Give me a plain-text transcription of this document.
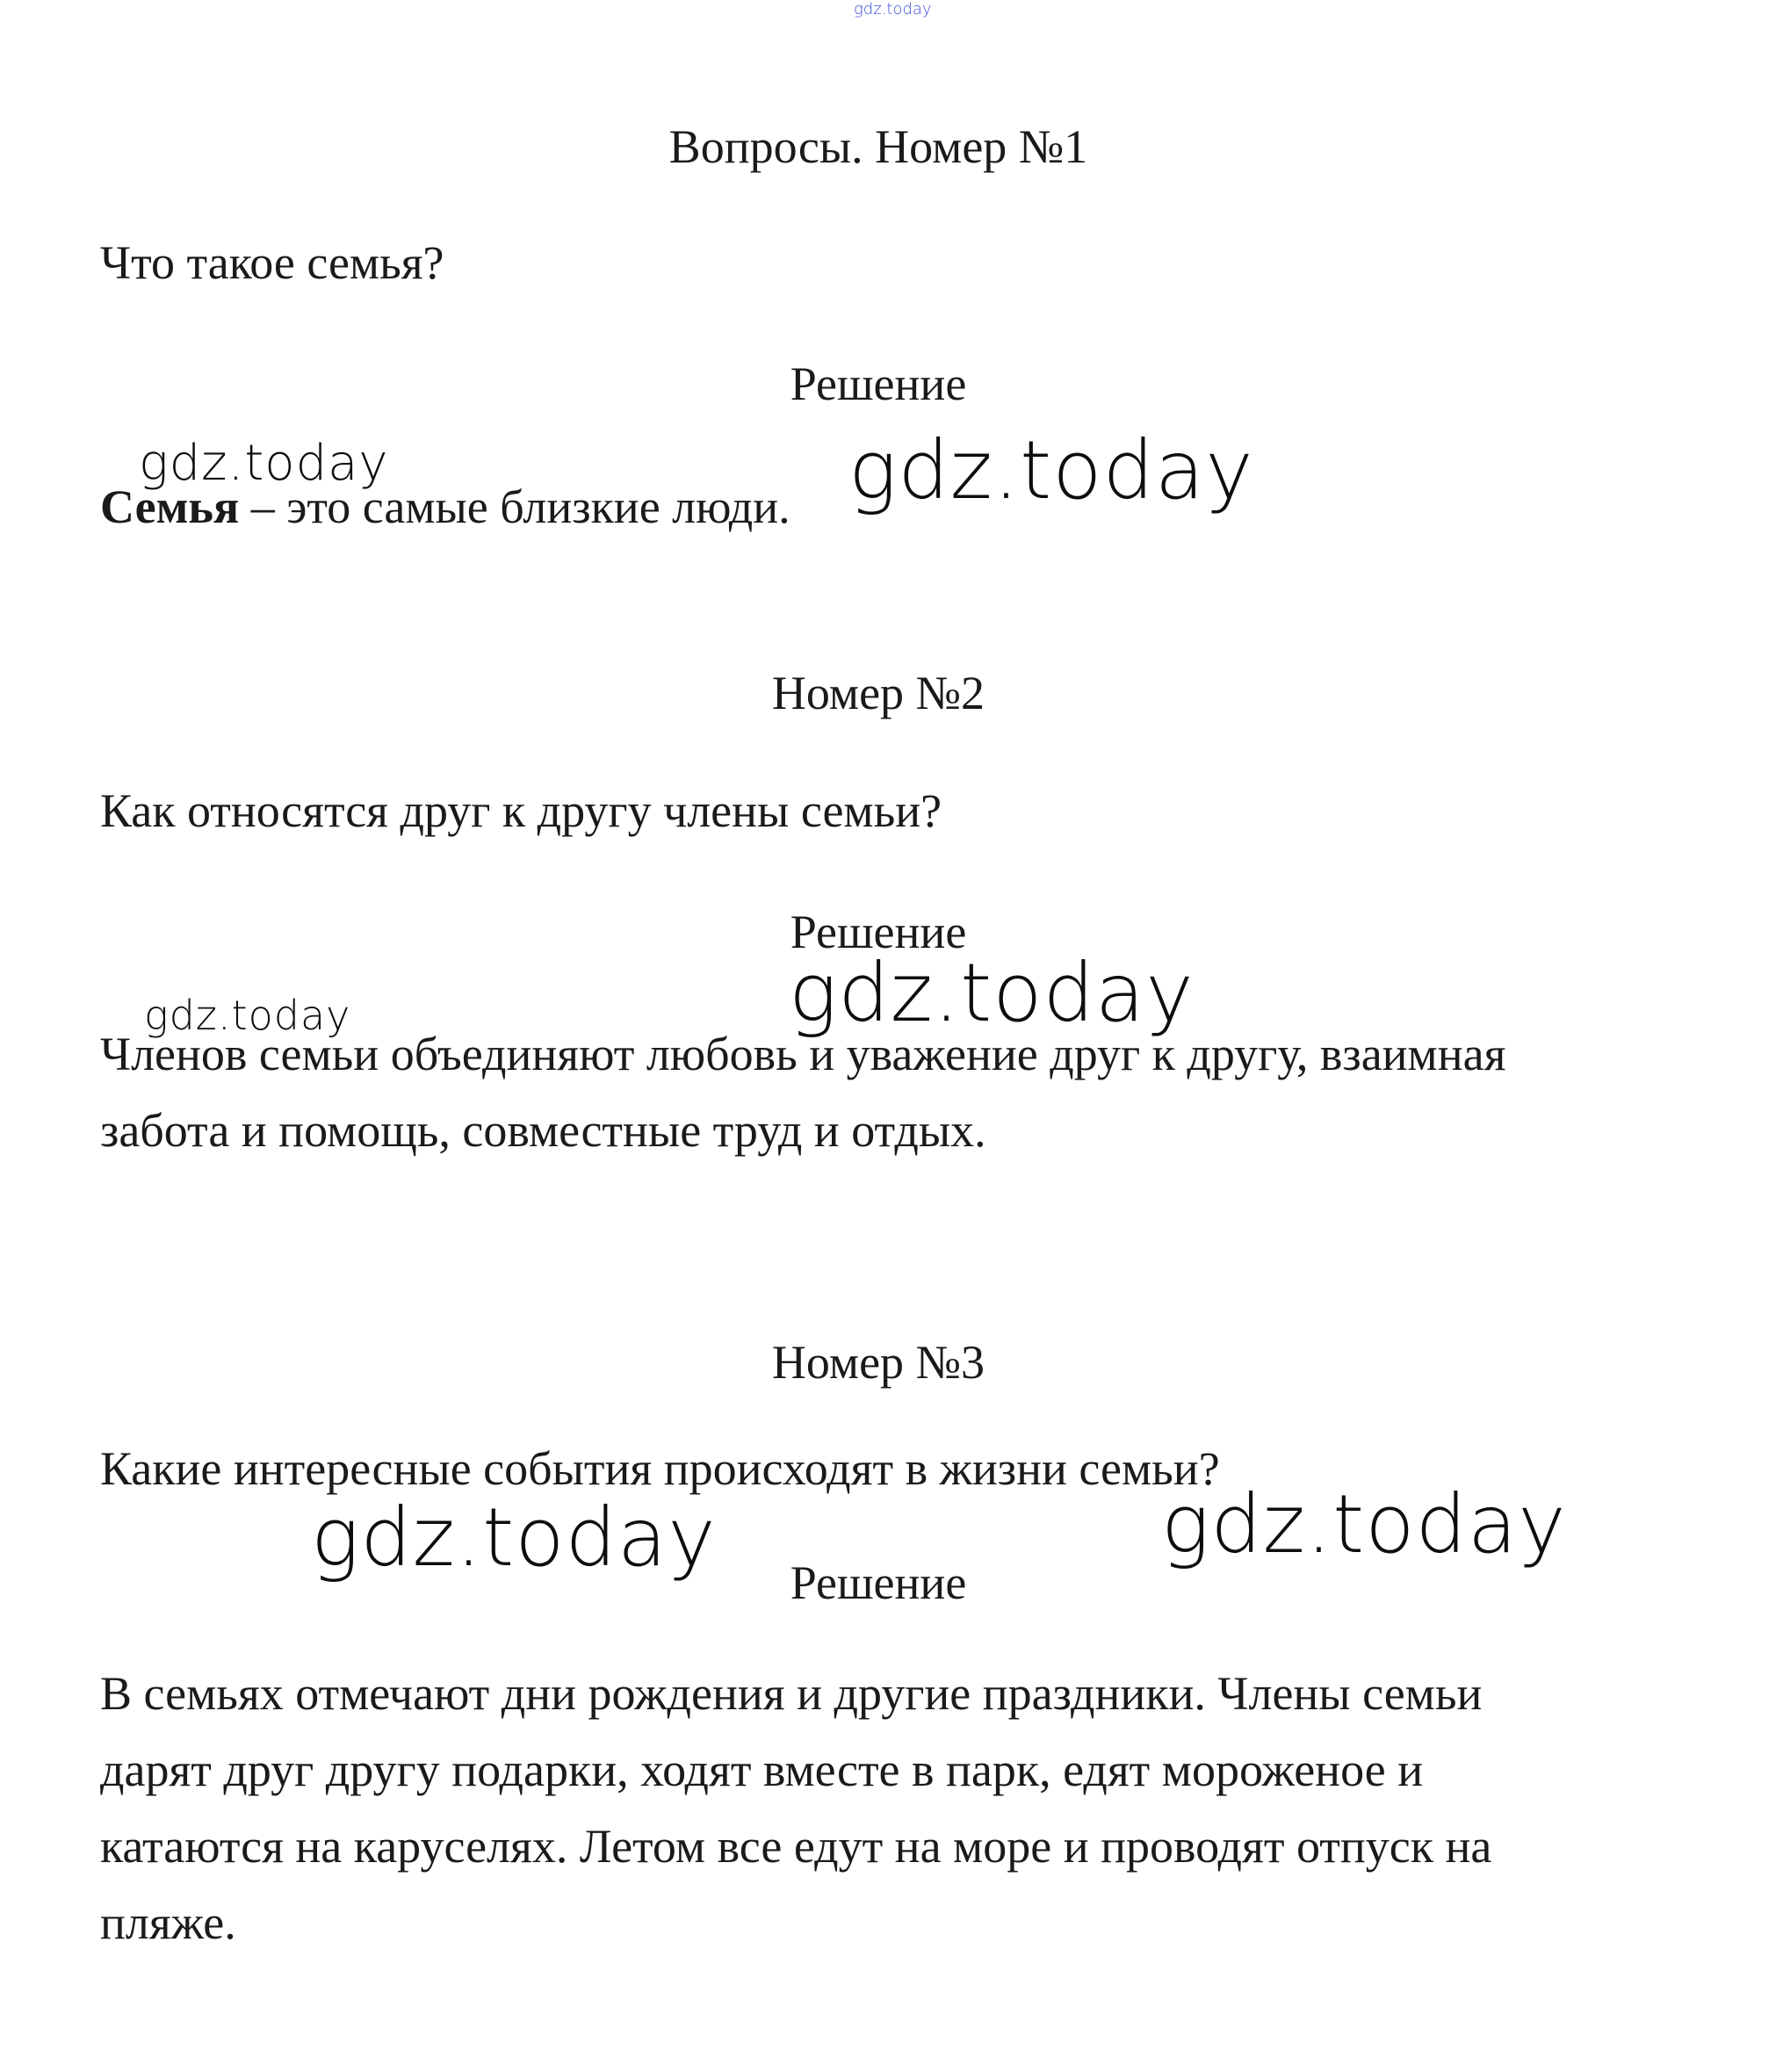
gdz.today
Вопросы. Номер №1

Что такое семья?

Решение

Семья – это самые близкие люди.

Номер №2

Как относятся друг к другу члены семьи?

Решение

Членов семьи объединяют любовь и уважение друг к другу, взаимная
забота и помощь, совместные труд и отдых.

Номер №3

Какие интересные события происходят в жизни семьи?

Решение

В семьях отмечают дни рождения и другие праздники. Члены семьи
дарят друг другу подарки, ходят вместе в парк, едят мороженое и
катаются на каруселях. Летом все едут на море и проводят отпуск на
пляже.
gdz.today	gdz.today
gdz.today
gdz.today
gdz.today	gdz.today
